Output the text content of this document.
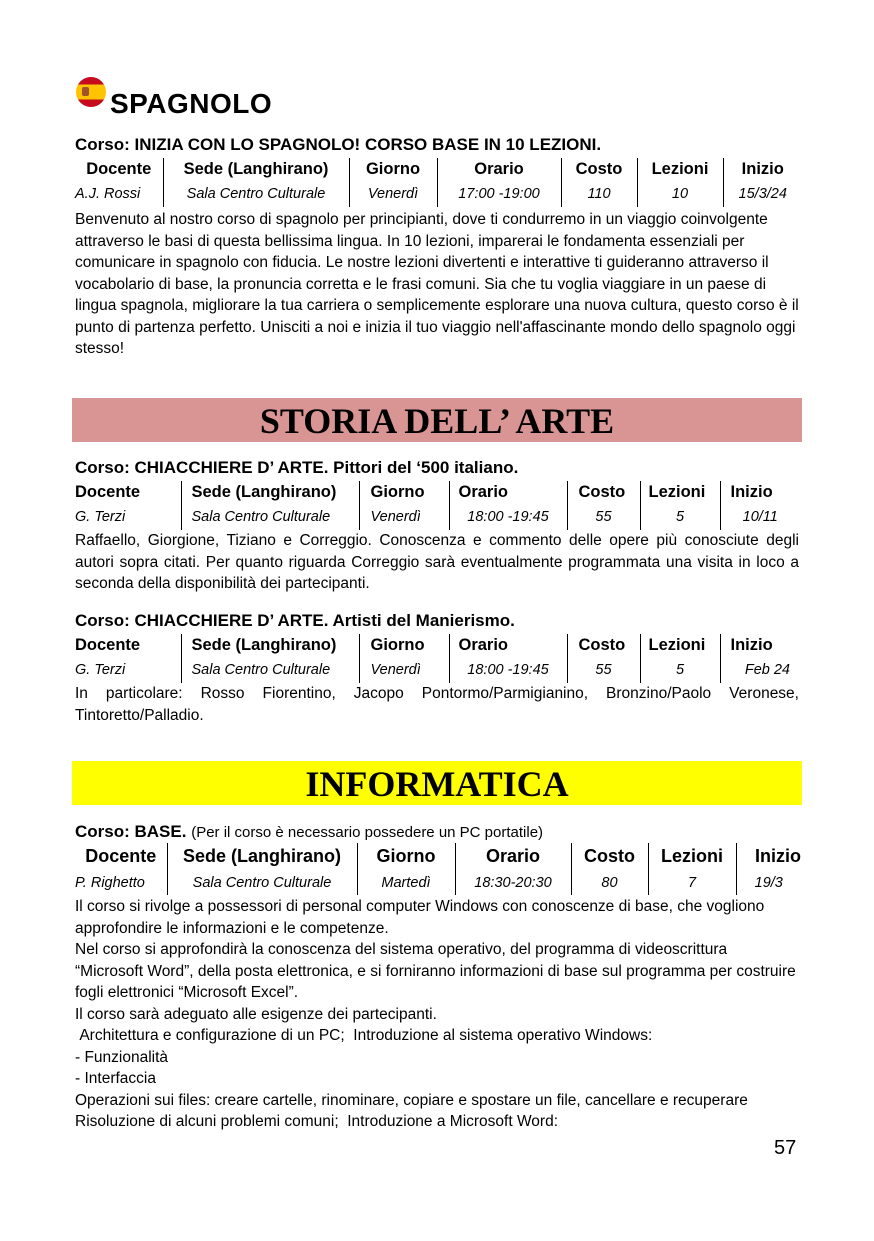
SPAGNOLO
Corso: INIZIA CON LO SPAGNOLO! CORSO BASE IN 10 LEZIONI.
Docente	Sede (Langhirano)	Giorno	Orario	Costo	Lezioni	Inizio
A.J. Rossi	Sala Centro Culturale	Venerdì	17:00 -19:00	110	10	15/3/24
Benvenuto al nostro corso di spagnolo per principianti, dove ti condurremo in un viaggio coinvolgente attraverso le basi di questa bellissima lingua. In 10 lezioni, imparerai le fondamenta essenziali per comunicare in spagnolo con fiducia. Le nostre lezioni divertenti e interattive ti guideranno attraverso il vocabolario di base, la pronuncia corretta e le frasi comuni. Sia che tu voglia viaggiare in un paese di lingua spagnola, migliorare la tua carriera o semplicemente esplorare una nuova cultura, questo corso è il punto di partenza perfetto. Unisciti a noi e inizia il tuo viaggio nell'affascinante mondo dello spagnolo oggi stesso!
STORIA DELL’ ARTE
Corso: CHIACCHIERE D’ ARTE. Pittori del ‘500 italiano.
Docente	Sede (Langhirano)	Giorno	Orario	Costo	Lezioni	Inizio
G. Terzi	Sala Centro Culturale	Venerdì	18:00 -19:45	55	5	10/11
Raffaello, Giorgione, Tiziano e Correggio. Conoscenza e commento delle opere più conosciute degli autori sopra citati. Per quanto riguarda Correggio sarà eventualmente programmata una visita in loco a seconda della disponibilità dei partecipanti.
Corso: CHIACCHIERE D’ ARTE. Artisti del Manierismo.
Docente	Sede (Langhirano)	Giorno	Orario	Costo	Lezioni	Inizio
G. Terzi	Sala Centro Culturale	Venerdì	18:00 -19:45	55	5	Feb 24
In particolare: Rosso Fiorentino, Jacopo Pontormo/Parmigianino, Bronzino/Paolo Veronese, Tintoretto/Palladio.
INFORMATICA
Corso: BASE. (Per il corso è necessario possedere un PC portatile)
Docente	Sede (Langhirano)	Giorno	Orario	Costo	Lezioni	Inizio
P. Righetto	Sala Centro Culturale	Martedì	18:30-20:30	80	7	19/3
Il corso si rivolge a possessori di personal computer Windows con conoscenze di base, che vogliono approfondire le informazioni e le competenze.
Nel corso si approfondirà la conoscenza del sistema operativo, del programma di videoscrittura “Microsoft Word”, della posta elettronica, e si forniranno informazioni di base sul programma per costruire fogli elettronici “Microsoft Excel”.
Il corso sarà adeguato alle esigenze dei partecipanti.
Architettura e configurazione di un PC;  Introduzione al sistema operativo Windows:
- Funzionalità
- Interfaccia
Operazioni sui files: creare cartelle, rinominare, copiare e spostare un file, cancellare e recuperare
Risoluzione di alcuni problemi comuni;  Introduzione a Microsoft Word:
57
